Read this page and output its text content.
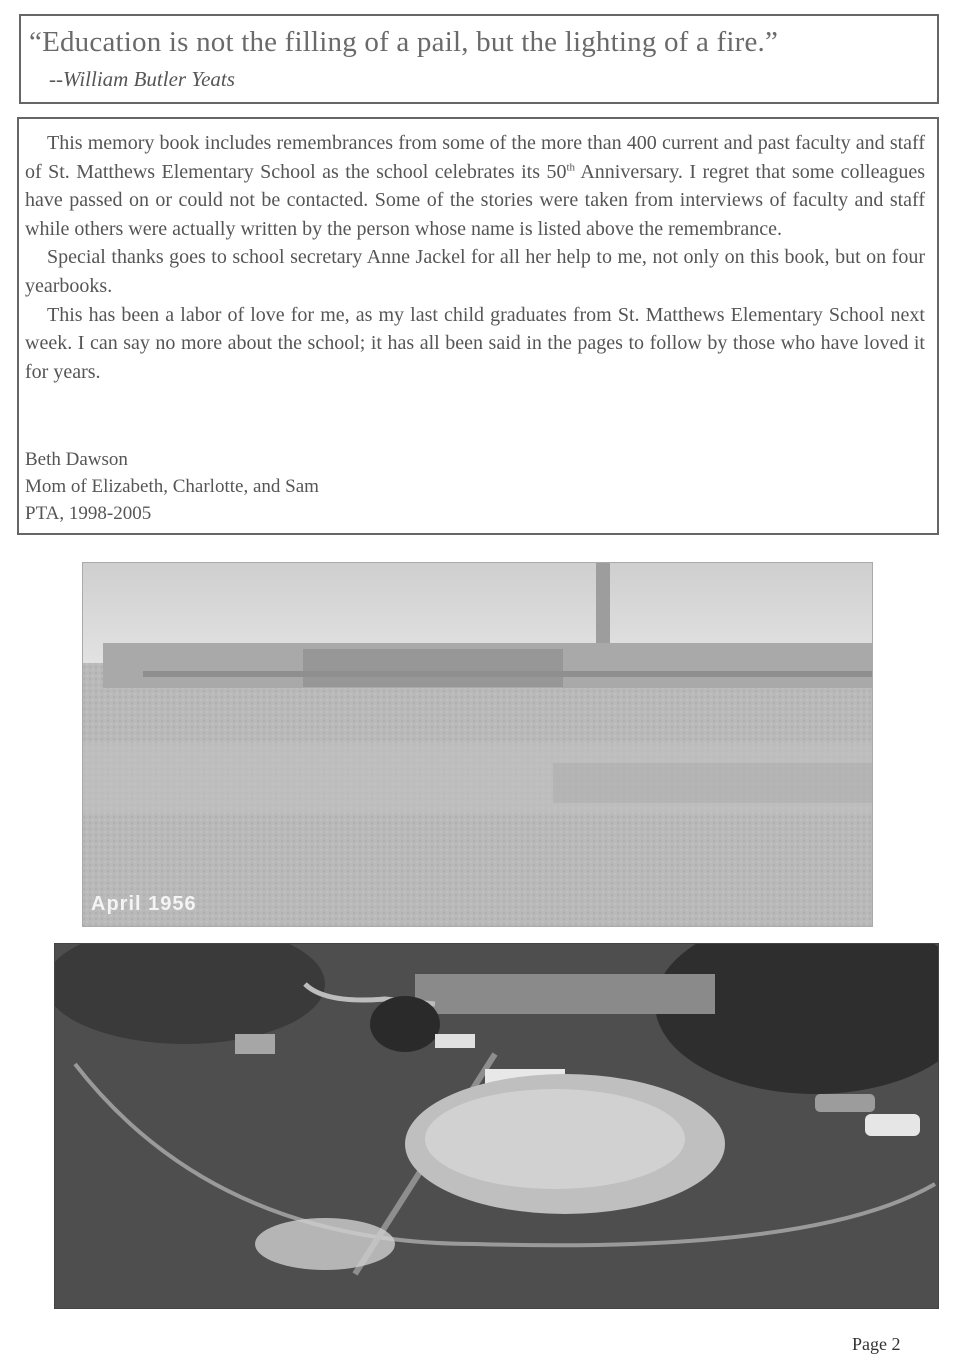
“Education is not the filling of a pail, but the lighting of a fire.”
--William Butler Yeats

This memory book includes remembrances from some of the more than 400 current and past faculty and staff of St. Matthews Elementary School as the school celebrates its 50th Anniversary. I regret that some colleagues have passed on or could not be contacted. Some of the stories were taken from interviews of faculty and staff while others were actually written by the person whose name is listed above the remembrance.

Special thanks goes to school secretary Anne Jackel for all her help to me, not only on this book, but on four yearbooks.

This has been a labor of love for me, as my last child graduates from St. Matthews Elementary School next week. I can say no more about the school; it has all been said in the pages to follow by those who have loved it for years.

Beth Dawson
Mom of Elizabeth, Charlotte, and Sam
PTA, 1998-2005
April 1956
Page 2
